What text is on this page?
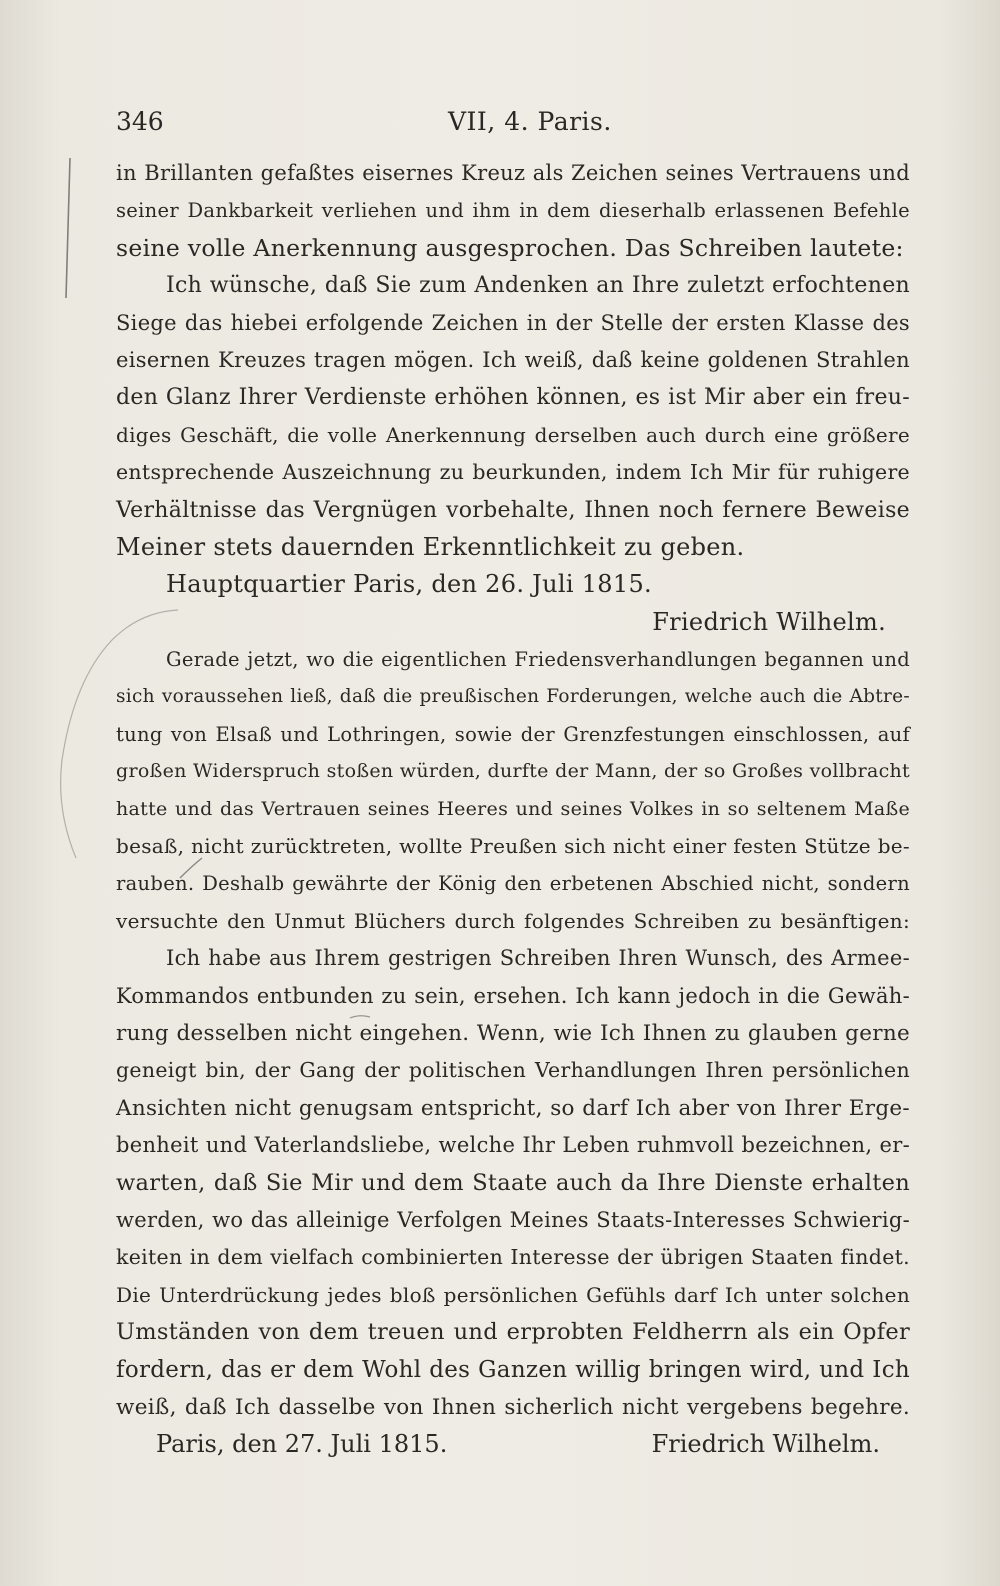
346	VII, 4. Paris.
in Brillanten gefaßtes eisernes Kreuz als Zeichen seines Vertrauens und
seiner Dankbarkeit verliehen und ihm in dem dieserhalb erlassenen Befehle
seine volle Anerkennung ausgesprochen. Das Schreiben lautete:
Ich wünsche, daß Sie zum Andenken an Ihre zuletzt erfochtenen
Siege das hiebei erfolgende Zeichen in der Stelle der ersten Klasse des
eisernen Kreuzes tragen mögen. Ich weiß, daß keine goldenen Strahlen
den Glanz Ihrer Verdienste erhöhen können, es ist Mir aber ein freu-
diges Geschäft, die volle Anerkennung derselben auch durch eine größere
entsprechende Auszeichnung zu beurkunden, indem Ich Mir für ruhigere
Verhältnisse das Vergnügen vorbehalte, Ihnen noch fernere Beweise
Meiner stets dauernden Erkenntlichkeit zu geben.
Hauptquartier Paris, den 26. Juli 1815.
Friedrich Wilhelm.
Gerade jetzt, wo die eigentlichen Friedensverhandlungen begannen und
sich voraussehen ließ, daß die preußischen Forderungen, welche auch die Abtre-
tung von Elsaß und Lothringen, sowie der Grenzfestungen einschlossen, auf
großen Widerspruch stoßen würden, durfte der Mann, der so Großes vollbracht
hatte und das Vertrauen seines Heeres und seines Volkes in so seltenem Maße
besaß, nicht zurücktreten, wollte Preußen sich nicht einer festen Stütze be-
rauben. Deshalb gewährte der König den erbetenen Abschied nicht, sondern
versuchte den Unmut Blüchers durch folgendes Schreiben zu besänftigen:
Ich habe aus Ihrem gestrigen Schreiben Ihren Wunsch, des Armee-
Kommandos entbunden zu sein, ersehen. Ich kann jedoch in die Gewäh-
rung desselben nicht eingehen. Wenn, wie Ich Ihnen zu glauben gerne
geneigt bin, der Gang der politischen Verhandlungen Ihren persönlichen
Ansichten nicht genugsam entspricht, so darf Ich aber von Ihrer Erge-
benheit und Vaterlandsliebe, welche Ihr Leben ruhmvoll bezeichnen, er-
warten, daß Sie Mir und dem Staate auch da Ihre Dienste erhalten
werden, wo das alleinige Verfolgen Meines Staats-Interesses Schwierig-
keiten in dem vielfach combinierten Interesse der übrigen Staaten findet.
Die Unterdrückung jedes bloß persönlichen Gefühls darf Ich unter solchen
Umständen von dem treuen und erprobten Feldherrn als ein Opfer
fordern, das er dem Wohl des Ganzen willig bringen wird, und Ich
weiß, daß Ich dasselbe von Ihnen sicherlich nicht vergebens begehre.
Paris, den 27. Juli 1815.	Friedrich Wilhelm.
